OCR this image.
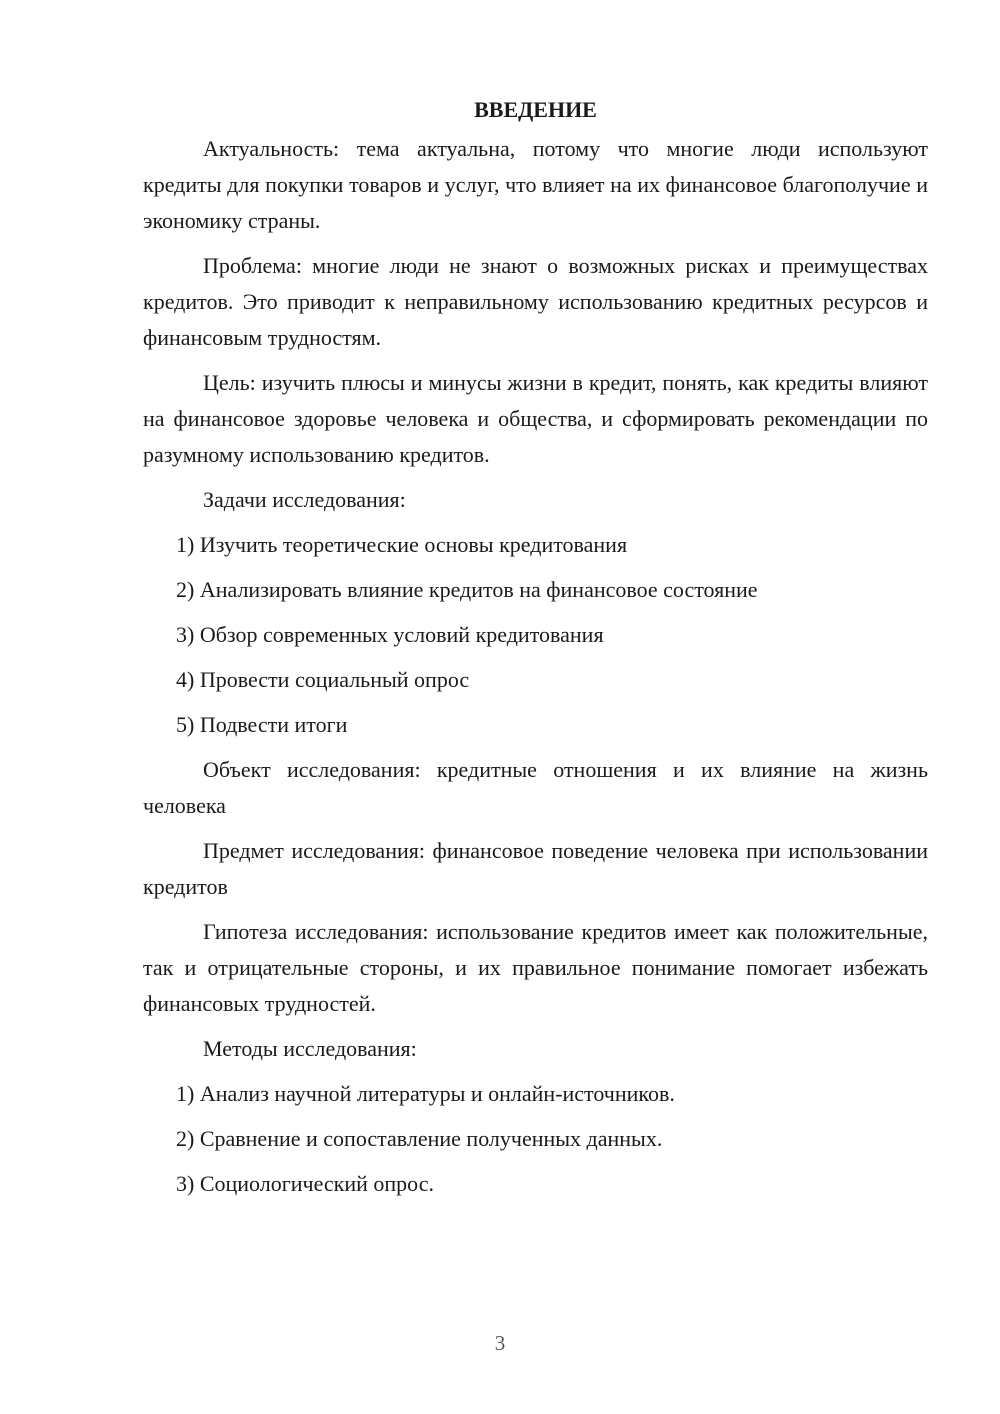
ВВЕДЕНИЕ

Актуальность: тема актуальна, потому что многие люди используют кредиты для покупки товаров и услуг, что влияет на их финансовое благополучие и экономику страны.

Проблема: многие люди не знают о возможных рисках и преимуществах кредитов. Это приводит к неправильному использованию кредитных ресурсов и финансовым трудностям.

Цель: изучить плюсы и минусы жизни в кредит, понять, как кредиты влияют на финансовое здоровье человека и общества, и сформировать рекомендации по разумному использованию кредитов.

Задачи исследования:

1) Изучить теоретические основы кредитования
2) Анализировать влияние кредитов на финансовое состояние
3) Обзор современных условий кредитования
4) Провести социальный опрос
5) Подвести итоги

Объект исследования: кредитные отношения и их влияние на жизнь человека

Предмет исследования: финансовое поведение человека при использовании кредитов

Гипотеза исследования: использование кредитов имеет как положительные, так и отрицательные стороны, и их правильное понимание помогает избежать финансовых трудностей.

Методы исследования:

1) Анализ научной литературы и онлайн-источников.
2) Сравнение и сопоставление полученных данных.
3) Социологический опрос.
3
